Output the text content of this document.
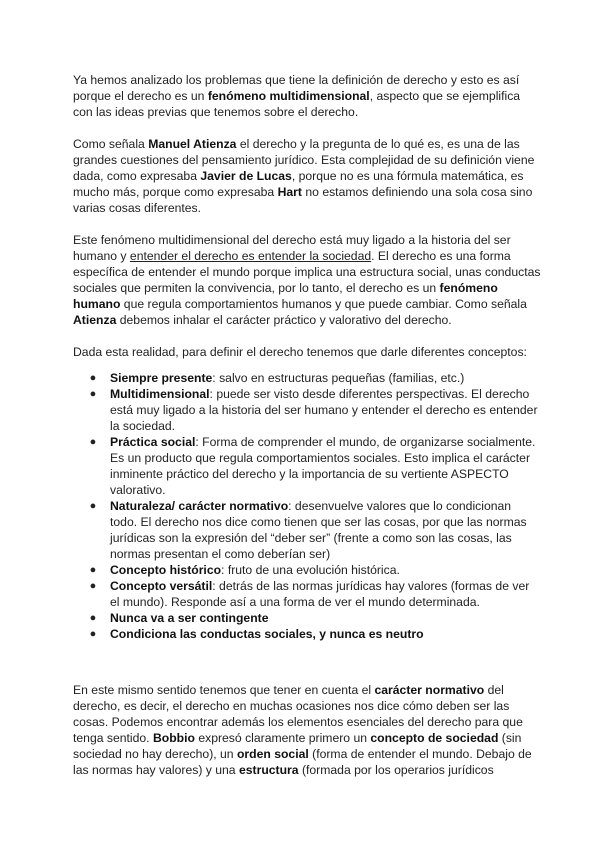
Ya hemos analizado los problemas que tiene la definición de derecho y esto es así porque el derecho es un fenómeno multidimensional, aspecto que se ejemplifica con las ideas previas que tenemos sobre el derecho.

Como señala Manuel Atienza el derecho y la pregunta de lo qué es, es una de las grandes cuestiones del pensamiento jurídico. Esta complejidad de su definición viene dada, como expresaba Javier de Lucas, porque no es una fórmula matemática, es mucho más, porque como expresaba Hart no estamos definiendo una sola cosa sino varias cosas diferentes.

Este fenómeno multidimensional del derecho está muy ligado a la historia del ser humano y entender el derecho es entender la sociedad. El derecho es una forma específica de entender el mundo porque implica una estructura social, unas conductas sociales que permiten la convivencia, por lo tanto, el derecho es un fenómeno humano que regula comportamientos humanos y que puede cambiar. Como señala Atienza debemos inhalar el carácter práctico y valorativo del derecho.

Dada esta realidad, para definir el derecho tenemos que darle diferentes conceptos:

● Siempre presente: salvo en estructuras pequeñas (familias, etc.)
● Multidimensional: puede ser visto desde diferentes perspectivas. El derecho está muy ligado a la historia del ser humano y entender el derecho es entender la sociedad.
● Práctica social: Forma de comprender el mundo, de organizarse socialmente. Es un producto que regula comportamientos sociales. Esto implica el carácter inminente práctico del derecho y la importancia de su vertiente ASPECTO valorativo.
● Naturaleza/ carácter normativo: desenvuelve valores que lo condicionan todo. El derecho nos dice como tienen que ser las cosas, por que las normas jurídicas son la expresión del “deber ser” (frente a como son las cosas, las normas presentan el como deberían ser)
● Concepto histórico: fruto de una evolución histórica.
● Concepto versátil: detrás de las normas jurídicas hay valores (formas de ver el mundo). Responde así a una forma de ver el mundo determinada.
● Nunca va a ser contingente
● Condiciona las conductas sociales, y nunca es neutro

En este mismo sentido tenemos que tener en cuenta el carácter normativo del derecho, es decir, el derecho en muchas ocasiones nos dice cómo deben ser las cosas. Podemos encontrar además los elementos esenciales del derecho para que tenga sentido. Bobbio expresó claramente primero un concepto de sociedad (sin sociedad no hay derecho), un orden social (forma de entender el mundo. Debajo de las normas hay valores) y una estructura (formada por los operarios jurídicos
